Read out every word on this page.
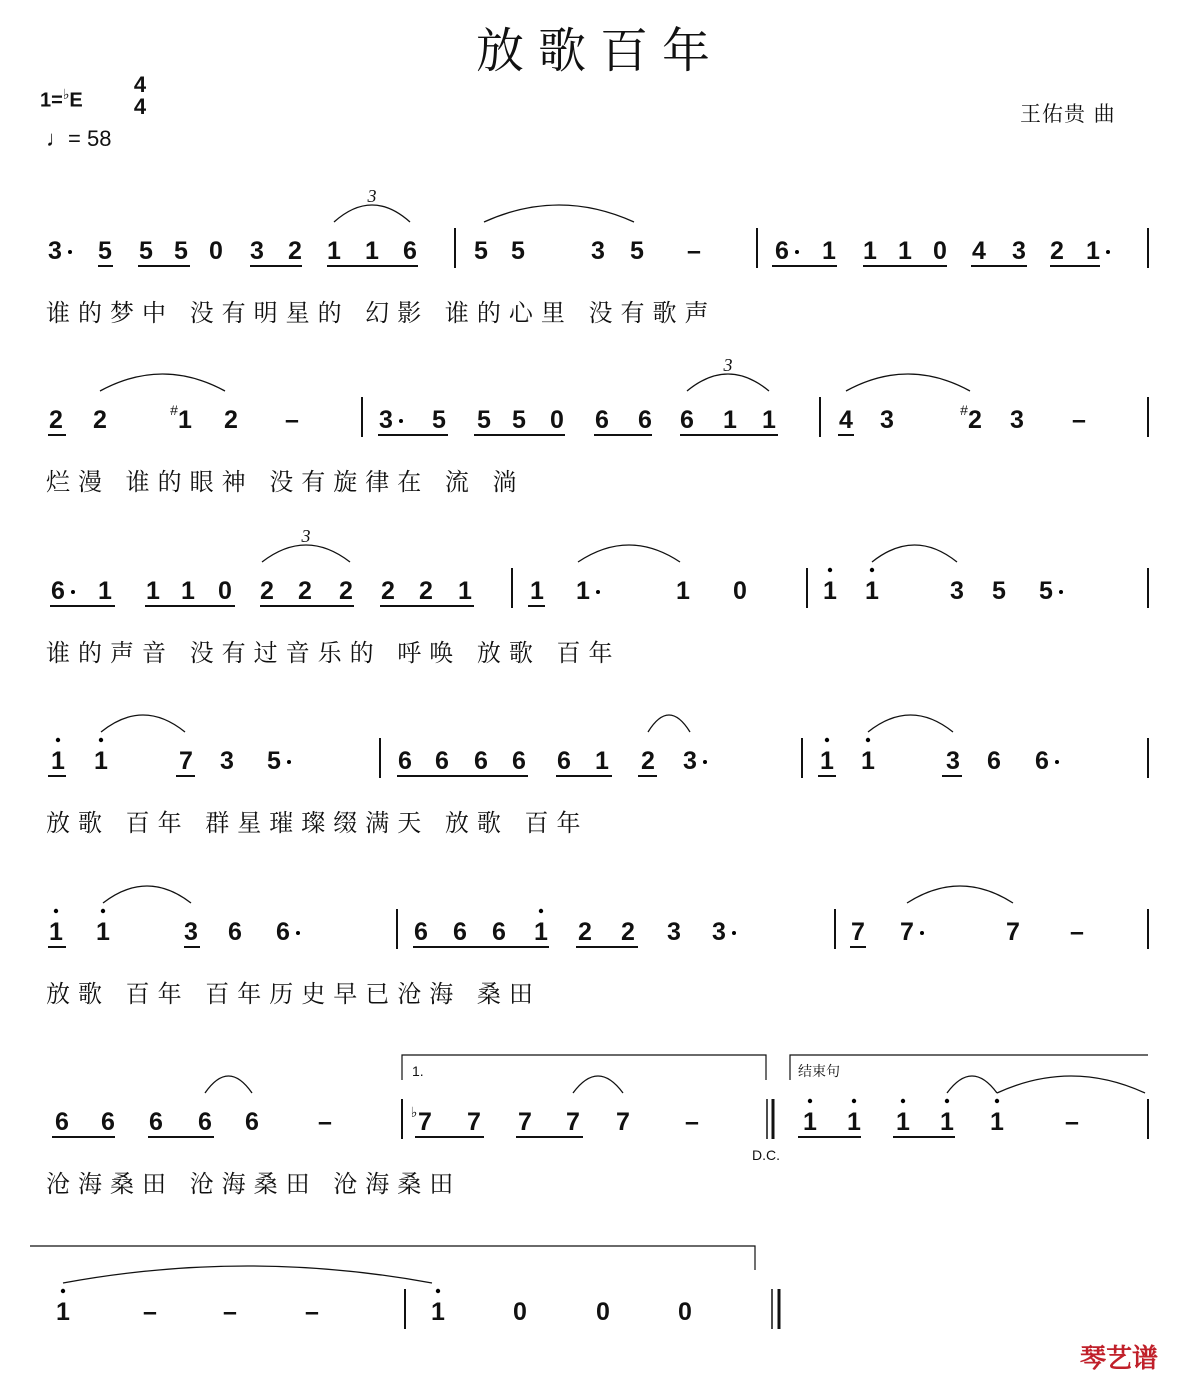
放歌百年
1=♭E
4
4
♩= 58
王佑贵 曲
3 5 5 5 0 3 2 1 1 6 5 5	3 5 –	6 1 1 1 0 4 3 2 1
谁的梦中 没有明星的 幻影 谁的心里 没有歌声
2 2	1
# 2 –	3 5 5 5 0 6 6 6 1 1	4 3	2
# 3 –
烂漫 谁的眼神 没有旋律在 流 淌
6 1 1 1 0 2 2 2 2 2 1 1 1	1 0	1 1	3 5 5
谁的声音 没有过音乐的 呼唤 放歌 百年
1 1	7 3 5	6 6 6 6 6 1 2 3	1 1	3 6 6
放歌 百年 群星璀璨缀满天 放歌 百年
1 1	3 6 6	6 6 6 1 2 2 3 3	7 7	7 –
放歌 百年 百年历史早已沧海 桑田
6 6 6 6 6 –	7
♭ 7 7 7 7 –	1 1 1 1 1 –
沧海桑田 沧海桑田 沧海桑田
1	–	–	–	1	0	0	0
3
3
3
1.	结束句
D.C.
琴艺谱
